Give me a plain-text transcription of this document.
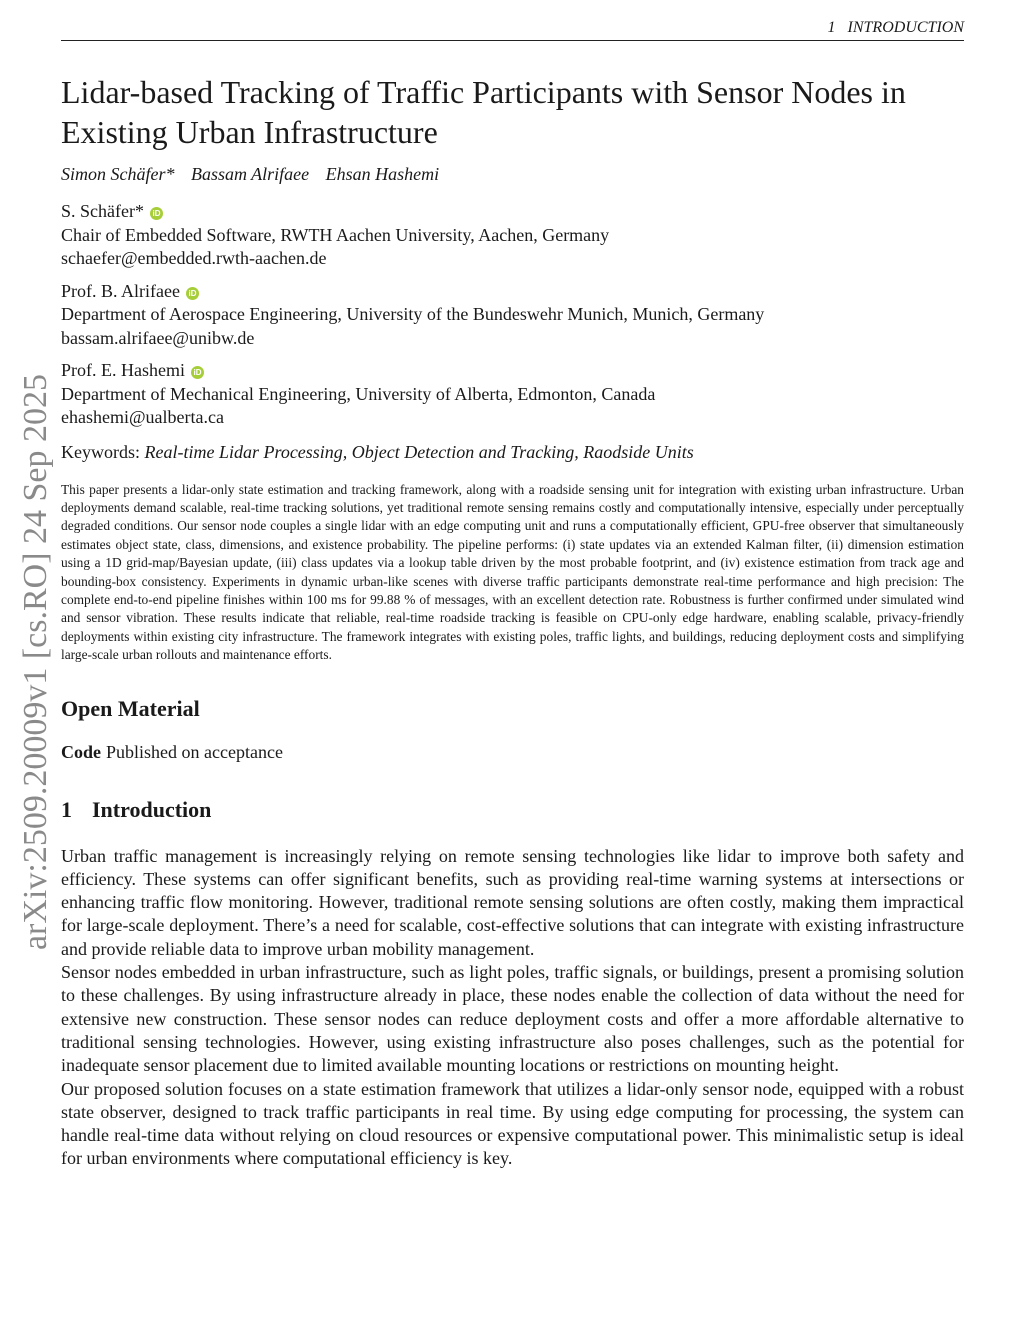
1 INTRODUCTION
arXiv:2509.20009v1 [cs.RO] 24 Sep 2025
Lidar-based Tracking of Traffic Participants with Sensor Nodes in Existing Urban Infrastructure
Simon Schäfer* Bassam Alrifaee Ehsan Hashemi
S. Schäfer* iD
Chair of Embedded Software, RWTH Aachen University, Aachen, Germany
schaefer@embedded.rwth-aachen.de
Prof. B. Alrifaee iD
Department of Aerospace Engineering, University of the Bundeswehr Munich, Munich, Germany
bassam.alrifaee@unibw.de
Prof. E. Hashemi iD
Department of Mechanical Engineering, University of Alberta, Edmonton, Canada
ehashemi@ualberta.ca
Keywords: Real-time Lidar Processing, Object Detection and Tracking, Raodside Units

This paper presents a lidar-only state estimation and tracking framework, along with a roadside sensing unit for integration with existing urban infrastructure. Urban deployments demand scalable, real-time tracking solutions, yet traditional remote sensing remains costly and computationally intensive, especially under perceptually degraded conditions. Our sensor node couples a single lidar with an edge computing unit and runs a computationally efficient, GPU-free observer that simultaneously estimates object state, class, dimensions, and existence probability. The pipeline performs: (i) state updates via an extended Kalman filter, (ii) dimension estimation using a 1D grid-map/Bayesian update, (iii) class updates via a lookup table driven by the most probable footprint, and (iv) existence estimation from track age and bounding-box consistency. Experiments in dynamic urban-like scenes with diverse traffic participants demonstrate real-time performance and high precision: The complete end-to-end pipeline finishes within 100 ms for 99.88 % of messages, with an excellent detection rate. Robustness is further confirmed under simulated wind and sensor vibration. These results indicate that reliable, real-time roadside tracking is feasible on CPU-only edge hardware, enabling scalable, privacy-friendly deployments within existing city infrastructure. The framework integrates with existing poles, traffic lights, and buildings, reducing deployment costs and simplifying large-scale urban rollouts and maintenance efforts.

Open Material
Code Published on acceptance
1 Introduction

Urban traffic management is increasingly relying on remote sensing technologies like lidar to improve both safety and efficiency. These systems can offer significant benefits, such as providing real-time warning systems at intersections or enhancing traffic flow monitoring. However, traditional remote sensing solutions are often costly, making them impractical for large-scale deployment. There’s a need for scalable, cost-effective solutions that can integrate with existing infrastructure and provide reliable data to improve urban mobility management.

Sensor nodes embedded in urban infrastructure, such as light poles, traffic signals, or buildings, present a promising solution to these challenges. By using infrastructure already in place, these nodes enable the collection of data without the need for extensive new construction. These sensor nodes can reduce deployment costs and offer a more affordable alternative to traditional sensing technologies. However, using existing infrastructure also poses challenges, such as the potential for inadequate sensor placement due to limited available mounting locations or restrictions on mounting height.

Our proposed solution focuses on a state estimation framework that utilizes a lidar-only sensor node, equipped with a robust state observer, designed to track traffic participants in real time. By using edge computing for processing, the system can handle real-time data without relying on cloud resources or expensive computational power. This minimalistic setup is ideal for urban environments where computational efficiency is key.
